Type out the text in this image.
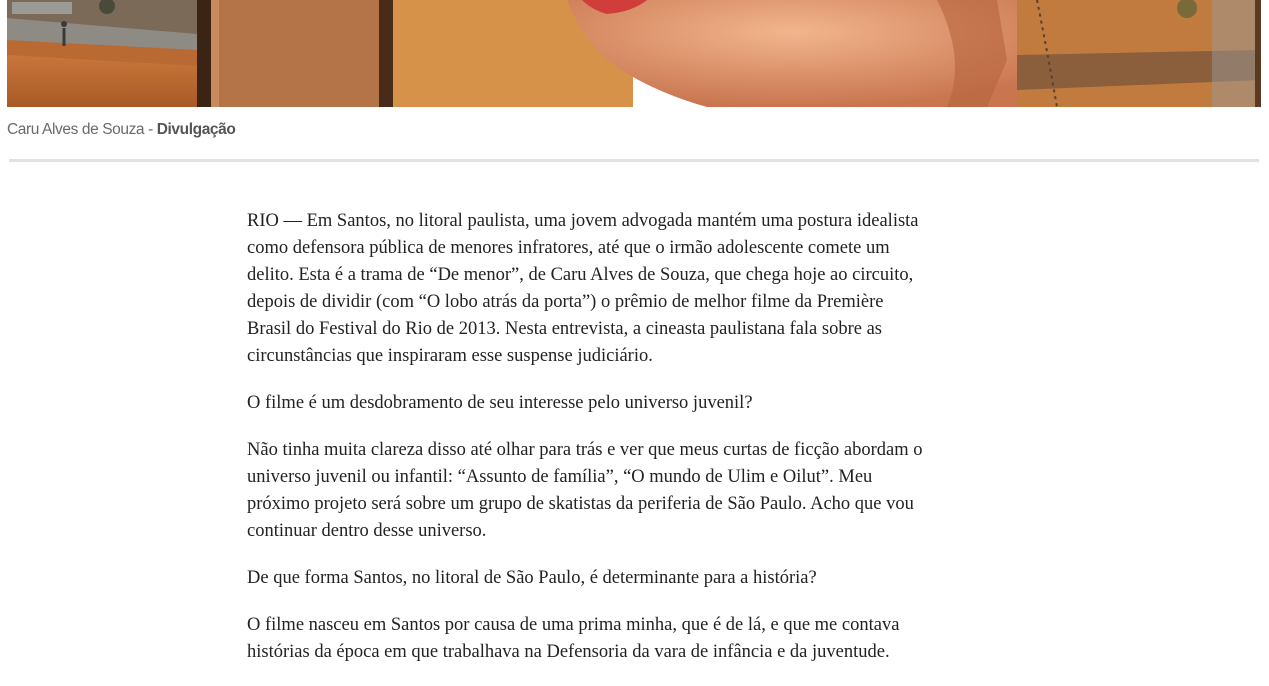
Caru Alves de Souza - Divulgação

RIO — Em Santos, no litoral paulista, uma jovem advogada mantém uma postura idealista como defensora pública de menores infratores, até que o irmão adolescente comete um delito. Esta é a trama de “De menor”, de Caru Alves de Souza, que chega hoje ao circuito, depois de dividir (com “O lobo atrás da porta”) o prêmio de melhor filme da Première Brasil do Festival do Rio de 2013. Nesta entrevista, a cineasta paulistana fala sobre as circunstâncias que inspiraram esse suspense judiciário.

O filme é um desdobramento de seu interesse pelo universo juvenil?

Não tinha muita clareza disso até olhar para trás e ver que meus curtas de ficção abordam o universo juvenil ou infantil: “Assunto de família”, “O mundo de Ulim e Oilut”. Meu próximo projeto será sobre um grupo de skatistas da periferia de São Paulo. Acho que vou continuar dentro desse universo.

De que forma Santos, no litoral de São Paulo, é determinante para a história?

O filme nasceu em Santos por causa de uma prima minha, que é de lá, e que me contava histórias da época em que trabalhava na Defensoria da vara de infância e da juventude.
